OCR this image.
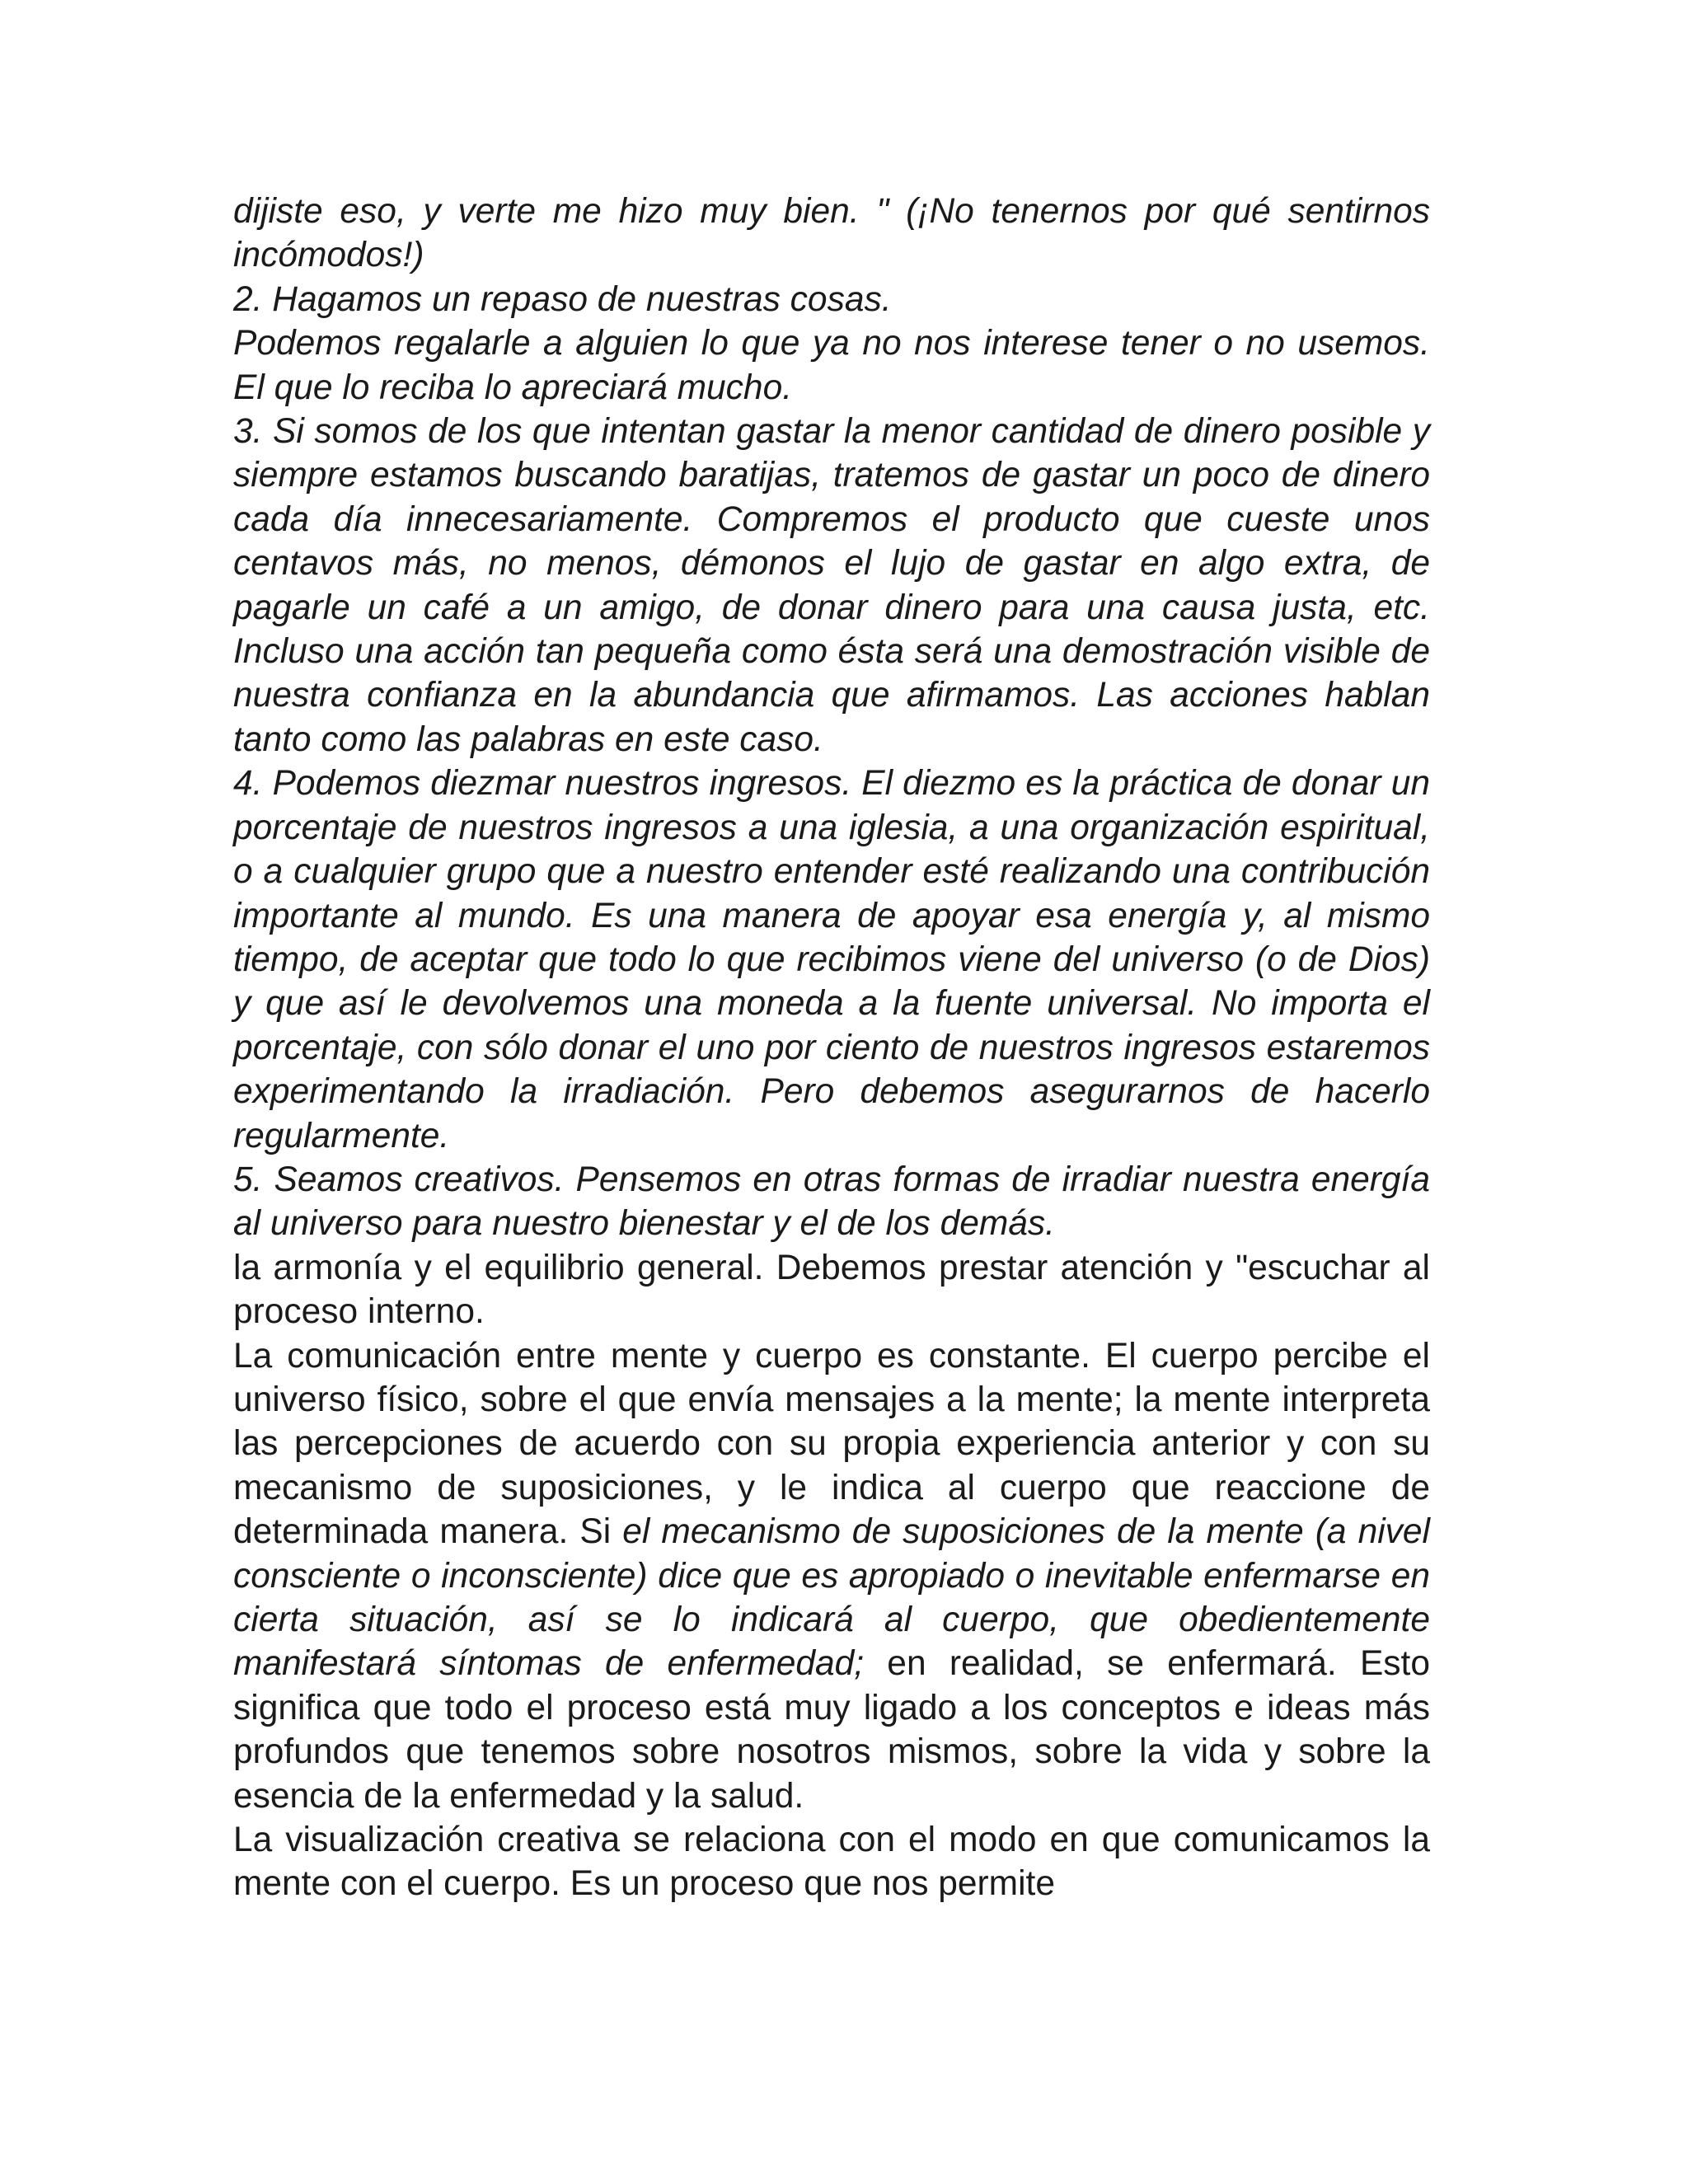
dijiste eso, y verte me hizo muy bien. " (¡No tenernos por qué sentirnos incómodos!)

2. Hagamos un repaso de nuestras cosas.

Podemos regalarle a alguien lo que ya no nos interese tener o no usemos. El que lo reciba lo apreciará mucho.

3. Si somos de los que intentan gastar la menor cantidad de dinero posible y siempre estamos buscando baratijas, tratemos de gastar un poco de dinero cada día innecesariamente. Compremos el producto que cueste unos centavos más, no menos, démonos el lujo de gastar en algo extra, de pagarle un café a un amigo, de donar dinero para una causa justa, etc. Incluso una acción tan pequeña como ésta será una demostración visible de nuestra confianza en la abundancia que afirmamos. Las acciones hablan tanto como las palabras en este caso.

4. Podemos diezmar nuestros ingresos. El diezmo es la práctica de donar un porcentaje de nuestros ingresos a una iglesia, a una organización espiritual, o a cualquier grupo que a nuestro entender esté realizando una contribución importante al mundo. Es una manera de apoyar esa energía y, al mismo tiempo, de aceptar que todo lo que recibimos viene del universo (o de Dios) y que así le devolvemos una moneda a la fuente universal. No importa el porcentaje, con sólo donar el uno por ciento de nuestros ingresos estaremos experimentando la irradiación. Pero debemos asegurarnos de hacerlo regularmente.

5. Seamos creativos. Pensemos en otras formas de irradiar nuestra energía al universo para nuestro bienestar y el de los demás.

la armonía y el equilibrio general. Debemos prestar atención y "escuchar al proceso interno.

La comunicación entre mente y cuerpo es constante. El cuerpo percibe el universo físico, sobre el que envía mensajes a la mente; la mente interpreta las percepciones de acuerdo con su propia experiencia anterior y con su mecanismo de suposiciones, y le indica al cuerpo que reaccione de determinada manera. Si el mecanismo de suposiciones de la mente (a nivel consciente o inconsciente) dice que es apropiado o inevitable enfermarse en cierta situación, así se lo indicará al cuerpo, que obedientemente manifestará síntomas de enfermedad; en realidad, se enfermará. Esto significa que todo el proceso está muy ligado a los conceptos e ideas más profundos que tenemos sobre nosotros mismos, sobre la vida y sobre la esencia de la enfermedad y la salud.

La visualización creativa se relaciona con el modo en que comunicamos la mente con el cuerpo. Es un proceso que nos permite
